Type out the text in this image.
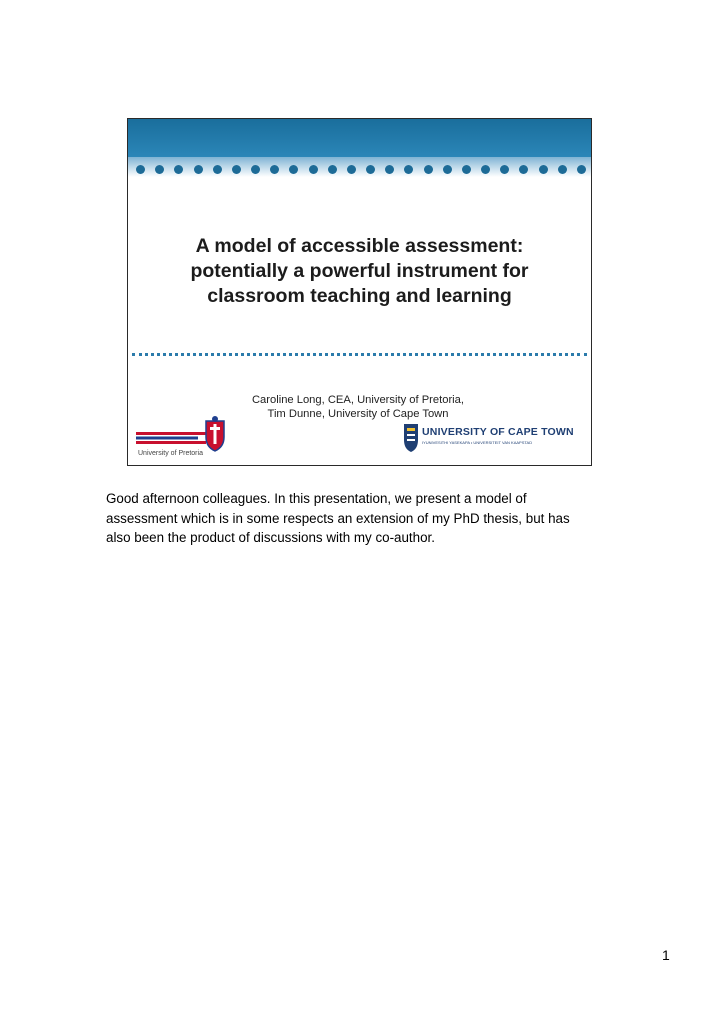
A model of accessible assessment:
potentially a powerful instrument for
classroom teaching and learning
Caroline Long, CEA, University of Pretoria,
Tim Dunne, University of Cape Town
University of Pretoria
UNIVERSITY OF CAPE TOWN
IYUNIVESITHI YASEKAPA • UNIVERSITEIT VAN KAAPSTAD
Good afternoon colleagues. In this presentation, we present a model of
assessment which is in some respects an extension of my PhD thesis, but has
also been the product of discussions with my co-author.
1
